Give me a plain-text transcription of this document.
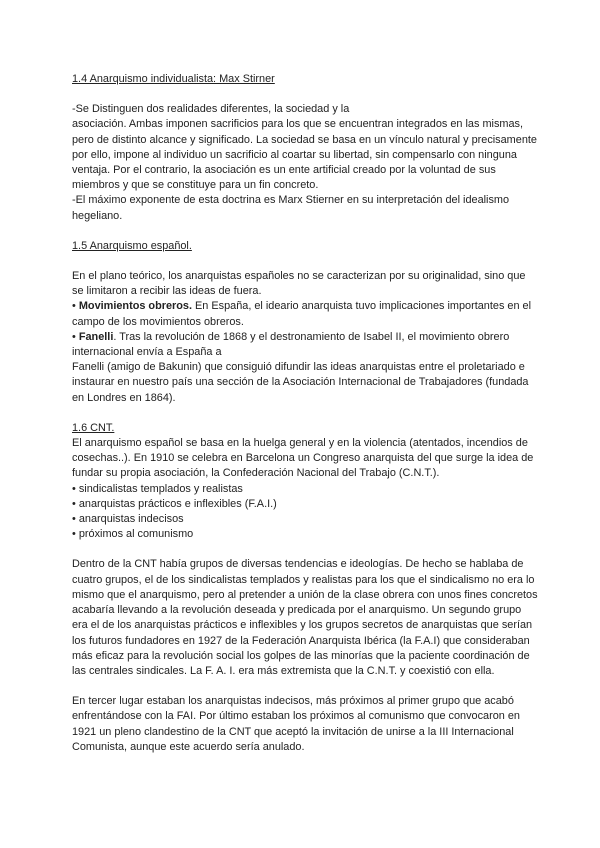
1.4 Anarquismo individualista: Max Stirner

-Se Distinguen dos realidades diferentes, la sociedad y la

asociación. Ambas imponen sacrificios para los que se encuentran integrados en las mismas, pero de distinto alcance y significado. La sociedad se basa en un vínculo natural y precisamente por ello, impone al individuo un sacrificio al coartar su libertad, sin compensarlo con ninguna ventaja. Por el contrario, la asociación es un ente artificial creado por la voluntad de sus miembros y que se constituye para un fin concreto.

-El máximo exponente de esta doctrina es Marx Stierner en su interpretación del idealismo hegeliano.

1.5 Anarquismo español.

En el plano teórico, los anarquistas españoles no se caracterizan por su originalidad, sino que se limitaron a recibir las ideas de fuera.

• Movimientos obreros. En España, el ideario anarquista tuvo implicaciones importantes en el campo de los movimientos obreros.

• Fanelli. Tras la revolución de 1868 y el destronamiento de Isabel II, el movimiento obrero internacional envía a España a

Fanelli (amigo de Bakunin) que consiguió difundir las ideas anarquistas entre el proletariado e instaurar en nuestro país una sección de la Asociación Internacional de Trabajadores (fundada en Londres en 1864).

1.6 CNT.

El anarquismo español se basa en la huelga general y en la violencia (atentados, incendios de cosechas..). En 1910 se celebra en Barcelona un Congreso anarquista del que surge la idea de fundar su propia asociación, la Confederación Nacional del Trabajo (C.N.T.).

• sindicalistas templados y realistas

• anarquistas prácticos e inflexibles (F.A.I.)

• anarquistas indecisos

• próximos al comunismo

Dentro de la CNT había grupos de diversas tendencias e ideologías. De hecho se hablaba de cuatro grupos, el de los sindicalistas templados y realistas para los que el sindicalismo no era lo mismo que el anarquismo, pero al pretender a unión de la clase obrera con unos fines concretos acabaría llevando a la revolución deseada y predicada por el anarquismo. Un segundo grupo era el de los anarquistas prácticos e inflexibles y los grupos secretos de anarquistas que serían los futuros fundadores en 1927 de la Federación Anarquista Ibérica (la F.A.I) que consideraban más eficaz para la revolución social los golpes de las minorías que la paciente coordinación de las centrales sindicales. La F. A. I. era más extremista que la C.N.T. y coexistió con ella.

En tercer lugar estaban los anarquistas indecisos, más próximos al primer grupo que acabó enfrentándose con la FAI. Por último estaban los próximos al comunismo que convocaron en 1921 un pleno clandestino de la CNT que aceptó la invitación de unirse a la III Internacional Comunista, aunque este acuerdo sería anulado.
